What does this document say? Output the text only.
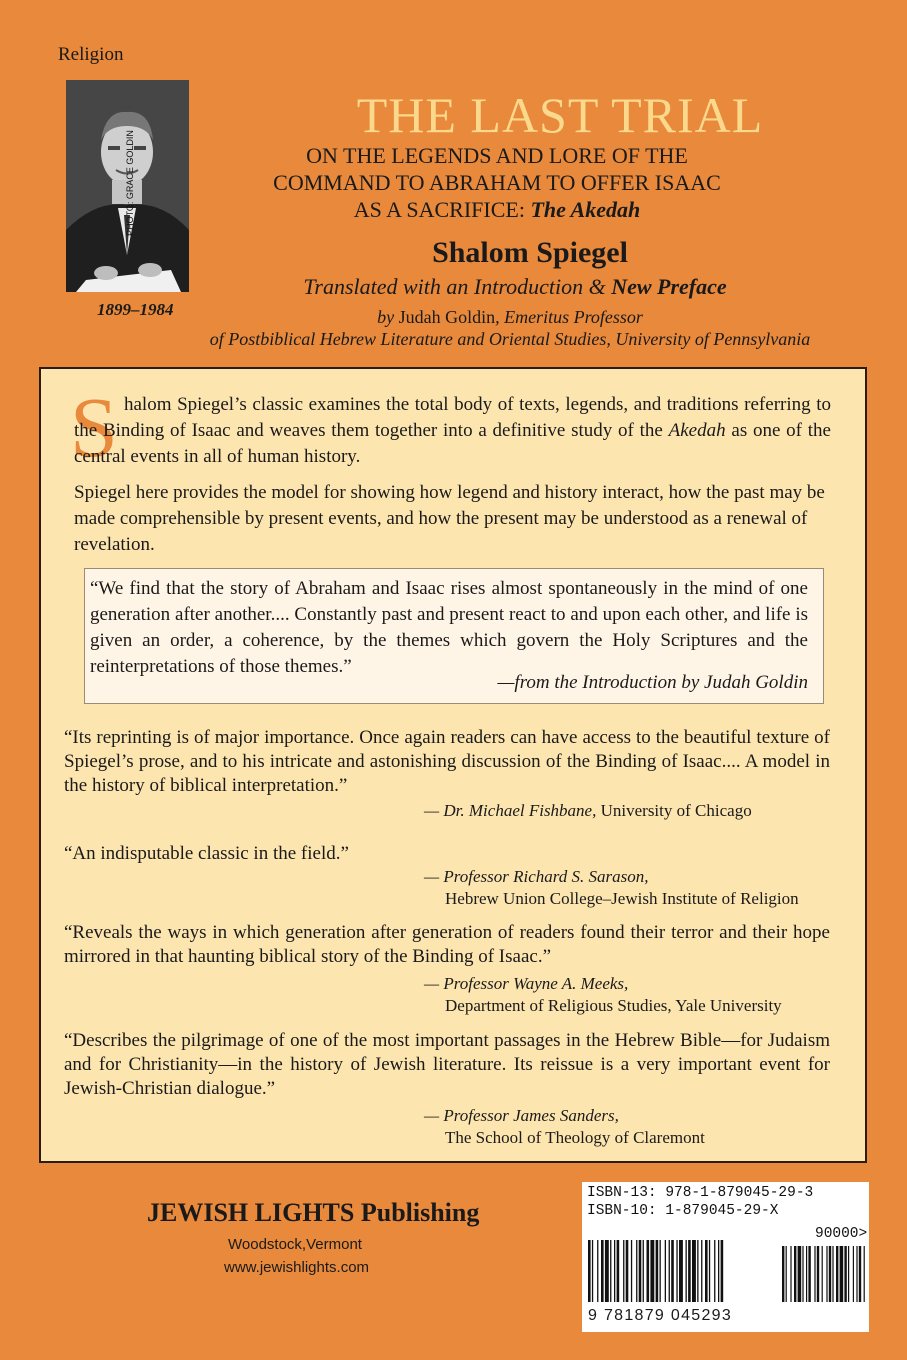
Religion
PHOTO: GRACE GOLDIN
1899–1984
THE LAST TRIAL
ON THE LEGENDS AND LORE OF THE
COMMAND TO ABRAHAM TO OFFER ISAAC
AS A SACRIFICE: The Akedah
Shalom Spiegel
Translated with an Introduction & New Preface
by Judah Goldin, Emeritus Professor
of Postbiblical Hebrew Literature and Oriental Studies, University of Pennsylvania
S halom Spiegel’s classic examines the total body of texts, legends, and traditions referring to the Binding of Isaac and weaves them together into a definitive study of the Akedah as one of the central events in all of human history.
Spiegel here provides the model for showing how legend and history interact, how the past may be made comprehensible by present events, and how the present may be understood as a renewal of revelation.
“We find that the story of Abraham and Isaac rises almost spontaneously in the mind of one generation after another.... Constantly past and present react to and upon each other, and life is given an order, a coherence, by the themes which govern the Holy Scriptures and the reinterpretations of those themes.”
—from the Introduction by Judah Goldin
“Its reprinting is of major importance. Once again readers can have access to the beautiful texture of Spiegel’s prose, and to his intricate and astonishing discussion of the Binding of Isaac.... A model in the history of biblical interpretation.”
— Dr. Michael Fishbane, University of Chicago
“An indisputable classic in the field.”
— Professor Richard S. Sarason,
Hebrew Union College–Jewish Institute of Religion
“Reveals the ways in which generation after generation of readers found their terror and their hope mirrored in that haunting biblical story of the Binding of Isaac.”
— Professor Wayne A. Meeks,
Department of Religious Studies, Yale University
“Describes the pilgrimage of one of the most important passages in the Hebrew Bible—for Judaism and for Christianity—in the history of Jewish literature. Its reissue is a very important event for Jewish-Christian dialogue.”
— Professor James Sanders,
The School of Theology of Claremont
JEWISH LIGHTS Publishing
Woodstock,Vermont
www.jewishlights.com
ISBN-13: 978-1-879045-29-3
ISBN-10: 1-879045-29-X
90000>
9 781879 045293
